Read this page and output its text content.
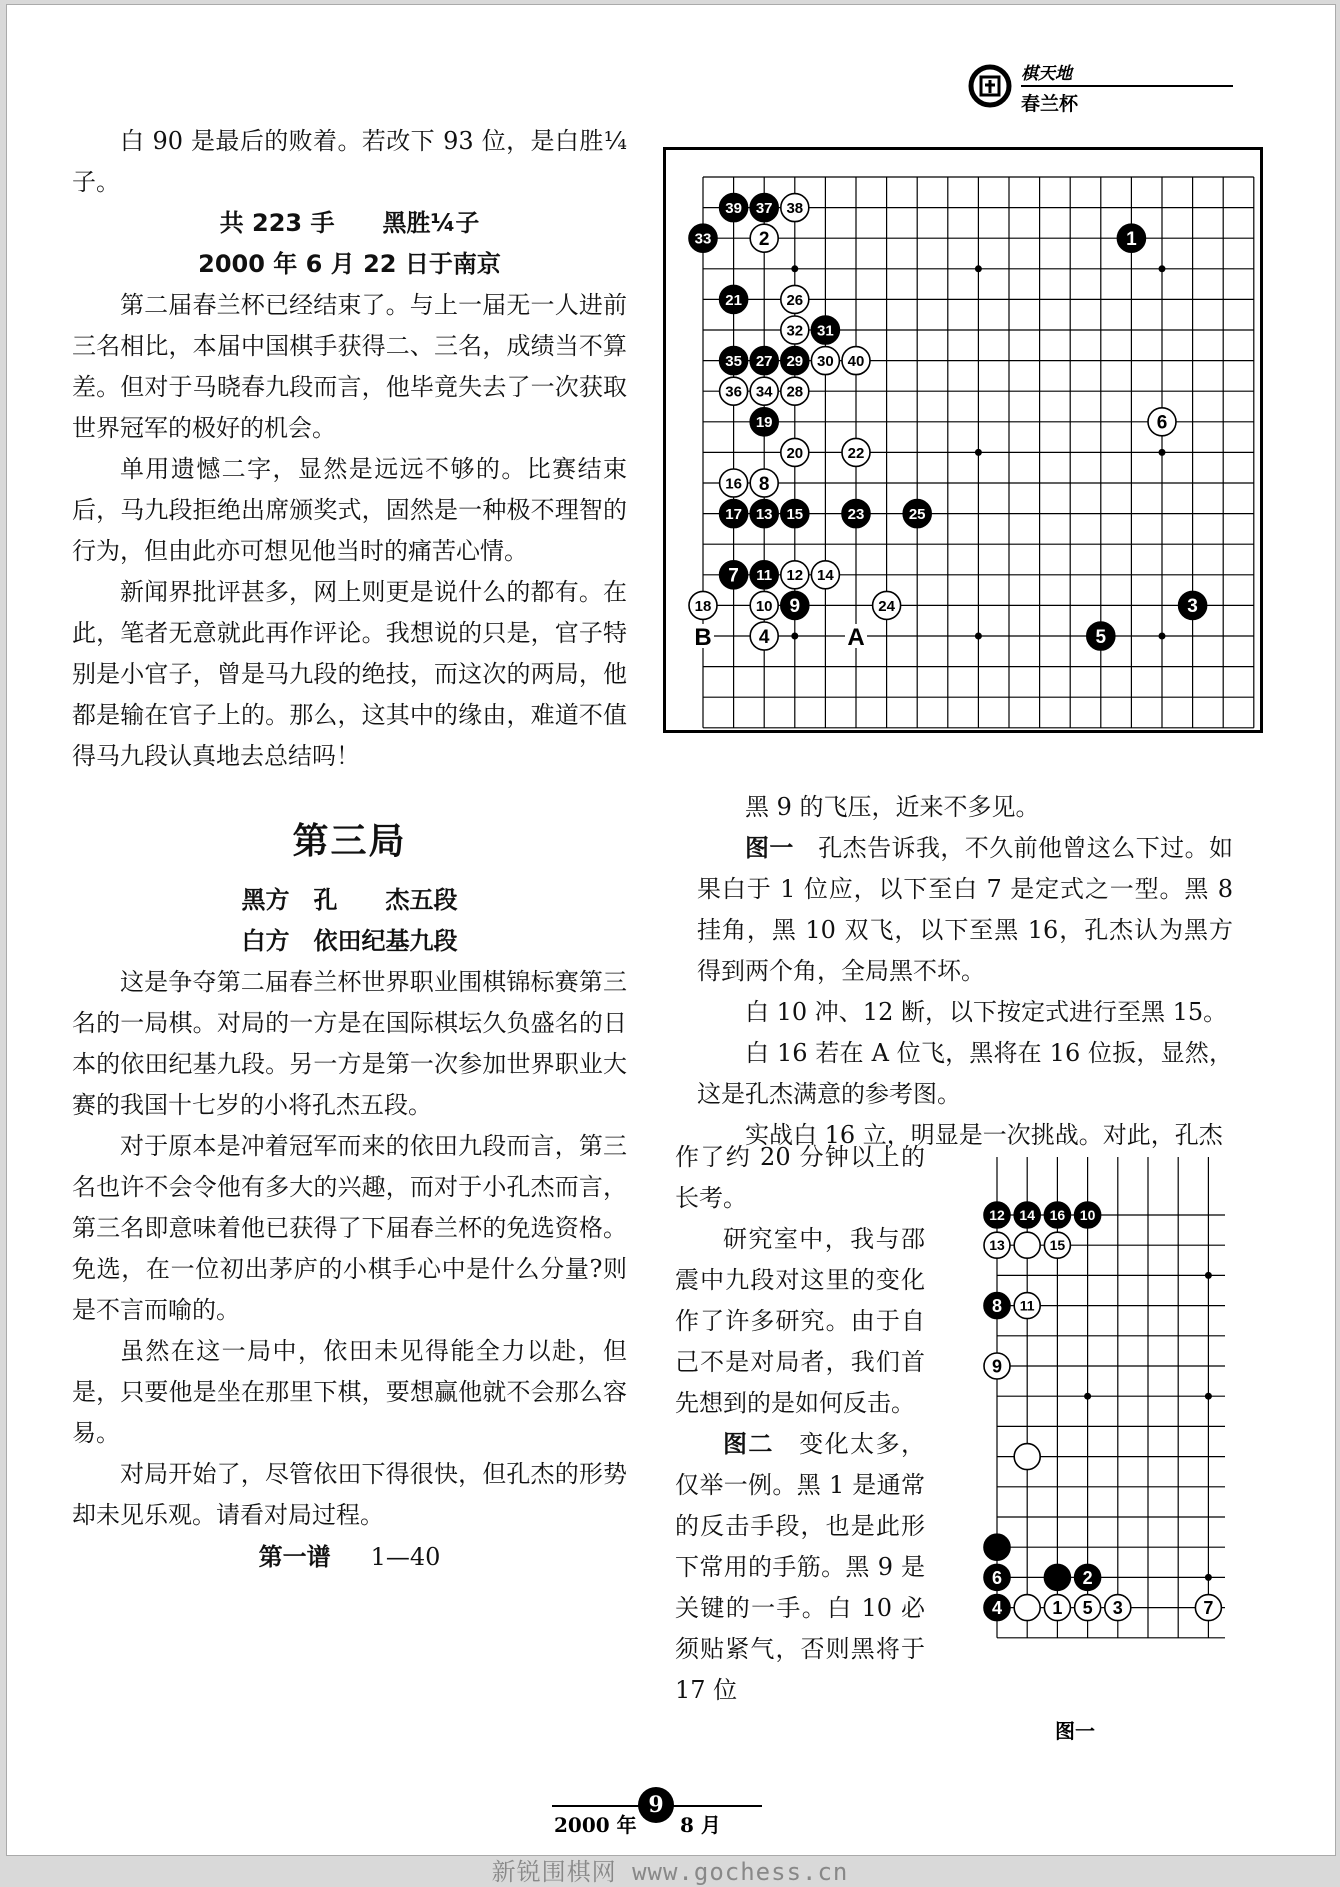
棋天地
春兰杯

白 90 是最后的败着。若改下 93 位，是白胜¼子。

共 223 手　　黑胜¼子

2000 年 6 月 22 日于南京

第二届春兰杯已经结束了。与上一届无一人进前三名相比，本届中国棋手获得二、三名，成绩当不算差。但对于马晓春九段而言，他毕竟失去了一次获取世界冠军的极好的机会。

单用遗憾二字，显然是远远不够的。比赛结束后，马九段拒绝出席颁奖式，固然是一种极不理智的行为，但由此亦可想见他当时的痛苦心情。

新闻界批评甚多，网上则更是说什么的都有。在此，笔者无意就此再作评论。我想说的只是，官子特别是小官子，曾是马九段的绝技，而这次的两局，他都是输在官子上的。那么，这其中的缘由，难道不值得马九段认真地去总结吗！

第三局

黑方　孔　　杰五段

白方　依田纪基九段

这是争夺第二届春兰杯世界职业围棋锦标赛第三名的一局棋。对局的一方是在国际棋坛久负盛名的日本的依田纪基九段。另一方是第一次参加世界职业大赛的我国十七岁的小将孔杰五段。

对于原本是冲着冠军而来的依田九段而言，第三名也许不会令他有多大的兴趣，而对于小孔杰而言，第三名即意味着他已获得了下届春兰杯的免选资格。免选，在一位初出茅庐的小棋手心中是什么分量?则是不言而喻的。

虽然在这一局中，依田未见得能全力以赴，但是，只要他是坐在那里下棋，要想赢他就不会那么容易。

对局开始了，尽管依田下得很快，但孔杰的形势却未见乐观。请看对局过程。

第一谱 1—40

B	A
1
2
3
4	5
6
7
8
9
10
11 12
13
14
15
16
17
18
19
20
21
22
23
24
25
26
27
28
29 30
31
32
33
34
35
36
37 38
39
40

黑 9 的飞压，近来不多见。

图一　孔杰告诉我，不久前他曾这么下过。如果白于 1 位应，以下至白 7 是定式之一型。黑 8 挂角，黑 10 双飞，以下至黑 16，孔杰认为黑方得到两个角，全局黑不坏。

白 10 冲、12 断，以下按定式进行至黑 15。

白 16 若在 A 位飞，黑将在 16 位扳，显然，这是孔杰满意的参考图。

实战白 16 立，明显是一次挑战。对此，孔杰

作了约 20 分钟以上的长考。

研究室中，我与邵震中九段对这里的变化作了许多研究。由于自己不是对局者，我们首先想到的是如何反击。

图二　变化太多，仅举一例。黑 1 是通常的反击手段，也是此形下常用的手筋。黑 9 是关键的一手。白 10 必须贴紧气，否则黑将于 17 位

12 14 16 10
13	15
8 11
9
6	2
4	1 5 3	7
图一
2000 年
9
8 月
新锐围棋网 www.gochess.cn
